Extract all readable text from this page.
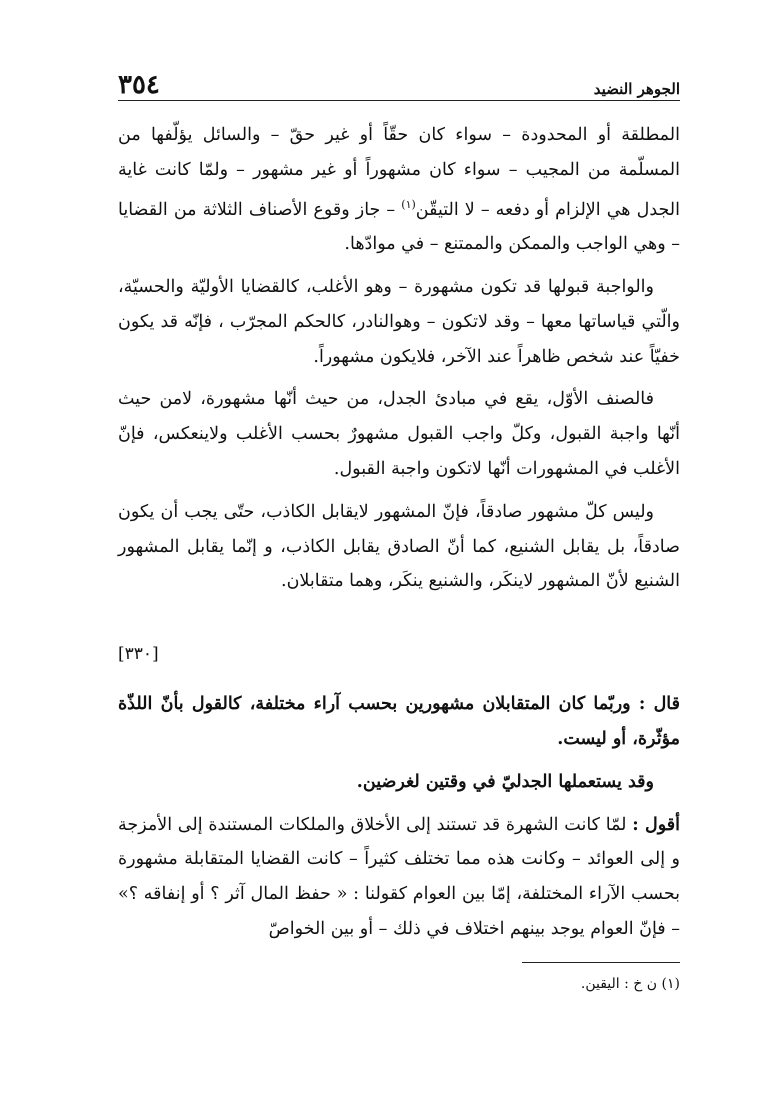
الجوهر النضيد
٣٥٤

المطلقة أو المحدودة – سواء كان حقّاً أو غير حقّ – والسائل يؤلّفها من المسلّمة من المجيب – سواء كان مشهوراً أو غير مشهور – ولمّا كانت غاية الجدل هي الإلزام أو دفعه – لا التيقّن$^{(١)}$ – جاز وقوع الأصناف الثلاثة من القضايا – وهي الواجب والممكن والممتنع – في موادّها.

والواجبة قبولها قد تكون مشهورة – وهو الأغلب، كالقضايا الأوليّة والحسيّة، والّتي قياساتها معها – وقد لاتكون – وهوالنادر، كالحكم المجرّب ، فإنّه قد يكون خفيّاً عند شخص ظاهراً عند الآخر، فلايكون مشهوراً.

فالصنف الأوّل، يقع في مبادئ الجدل، من حيث أنّها مشهورة، لامن حيث أنّها واجبة القبول، وكلّ واجب القبول مشهورٌ بحسب الأغلب ولاينعكس، فإنّ الأغلب في المشهورات أنّها لاتكون واجبة القبول.

وليس كلّ مشهور صادقاً، فإنّ المشهور لايقابل الكاذب، حتّى يجب أن يكون صادقاً، بل يقابل الشنيع، كما أنّ الصادق يقابل الكاذب، و إنّما يقابل المشهور الشنيع لأنّ المشهور لاينكَر، والشنيع ينكَر، وهما متقابلان.

[٣٣٠]

قال : وربّما كان المتقابلان مشهورين بحسب آراء مختلفة، كالقول بأنّ اللذّة مؤثّرة، أو ليست.

وقد يستعملها الجدليّ في وقتين لغرضين.

أقول : لمّا كانت الشهرة قد تستند إلى الأخلاق والملكات المستندة إلى الأمزجة و إلى العوائد – وكانت هذه مما تختلف كثيراً – كانت القضايا المتقابلة مشهورة بحسب الآراء المختلفة، إمّا بين العوام كقولنا : « حفظ المال آثر ؟ أو إنفاقه ؟» – فإنّ العوام يوجد بينهم اختلاف في ذلك – أو بين الخواصّ

(١) ن خ : اليقين.
